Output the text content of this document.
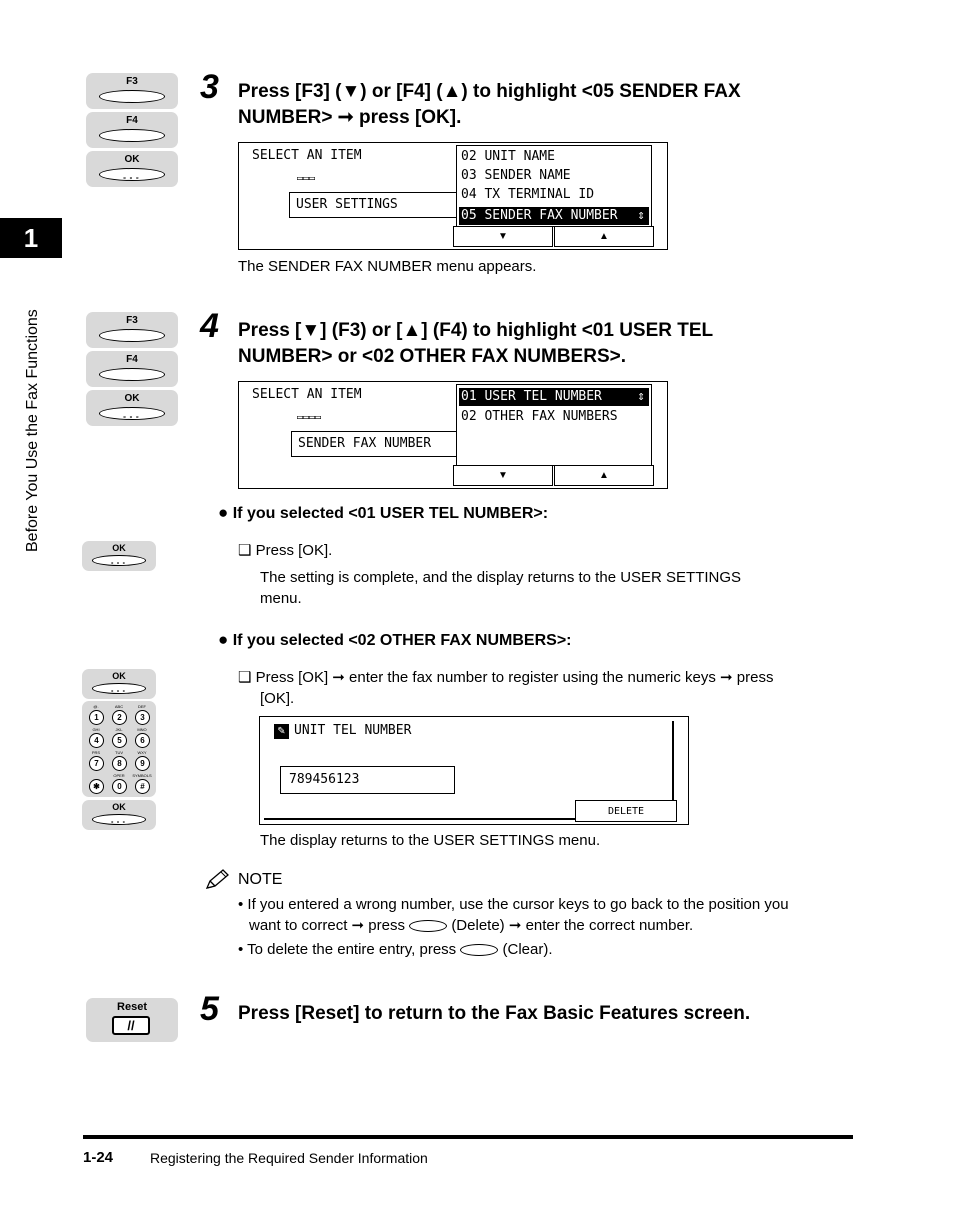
1
Before You Use the Fax Functions
F3
F4
OK
∘∘∘
3 Press [F3] (▼) or [F4] (▲) to highlight <05 SENDER FAX
NUMBER> ➞ press [OK].
SELECT AN ITEM
▭▭▭
USER SETTINGS
02 UNIT NAME
03 SENDER NAME
04 TX TERMINAL ID
05 SENDER FAX NUMBER ⇕
▼	▲
The SENDER FAX NUMBER menu appears.
F3
F4
OK
∘∘∘
4 Press [▼] (F3) or [▲] (F4) to highlight <01 USER TEL
NUMBER> or <02 OTHER FAX NUMBERS>.
SELECT AN ITEM
▭▭▭▭
SENDER FAX NUMBER
01 USER TEL NUMBER	⇕
02 OTHER FAX NUMBERS
▼	▲
● If you selected <01 USER TEL NUMBER>:
OK
∘∘∘
❑ Press [OK].
The setting is complete, and the display returns to the USER SETTINGS
menu.
● If you selected <02 OTHER FAX NUMBERS>:
OK
∘∘∘
@.	ABC	DEF
1	2	3
GHI	JKL	MNO
4	5	6
PRS	TUV	WXY
7	8	9
OPER	SYMBOLS
✱	0	#
OK
∘∘∘
❑ Press [OK] ➞ enter the fax number to register using the numeric keys ➞ press
[OK].
✎ UNIT TEL NUMBER
789456123
DELETE
The display returns to the USER SETTINGS menu.
NOTE
• If you entered a wrong number, use the cursor keys to go back to the position you
want to correct ➞ press	(Delete) ➞ enter the correct number.
• To delete the entire entry, press	(Clear).
Reset
//	5 Press [Reset] to return to the Fax Basic Features screen.
1-24	Registering the Required Sender Information
